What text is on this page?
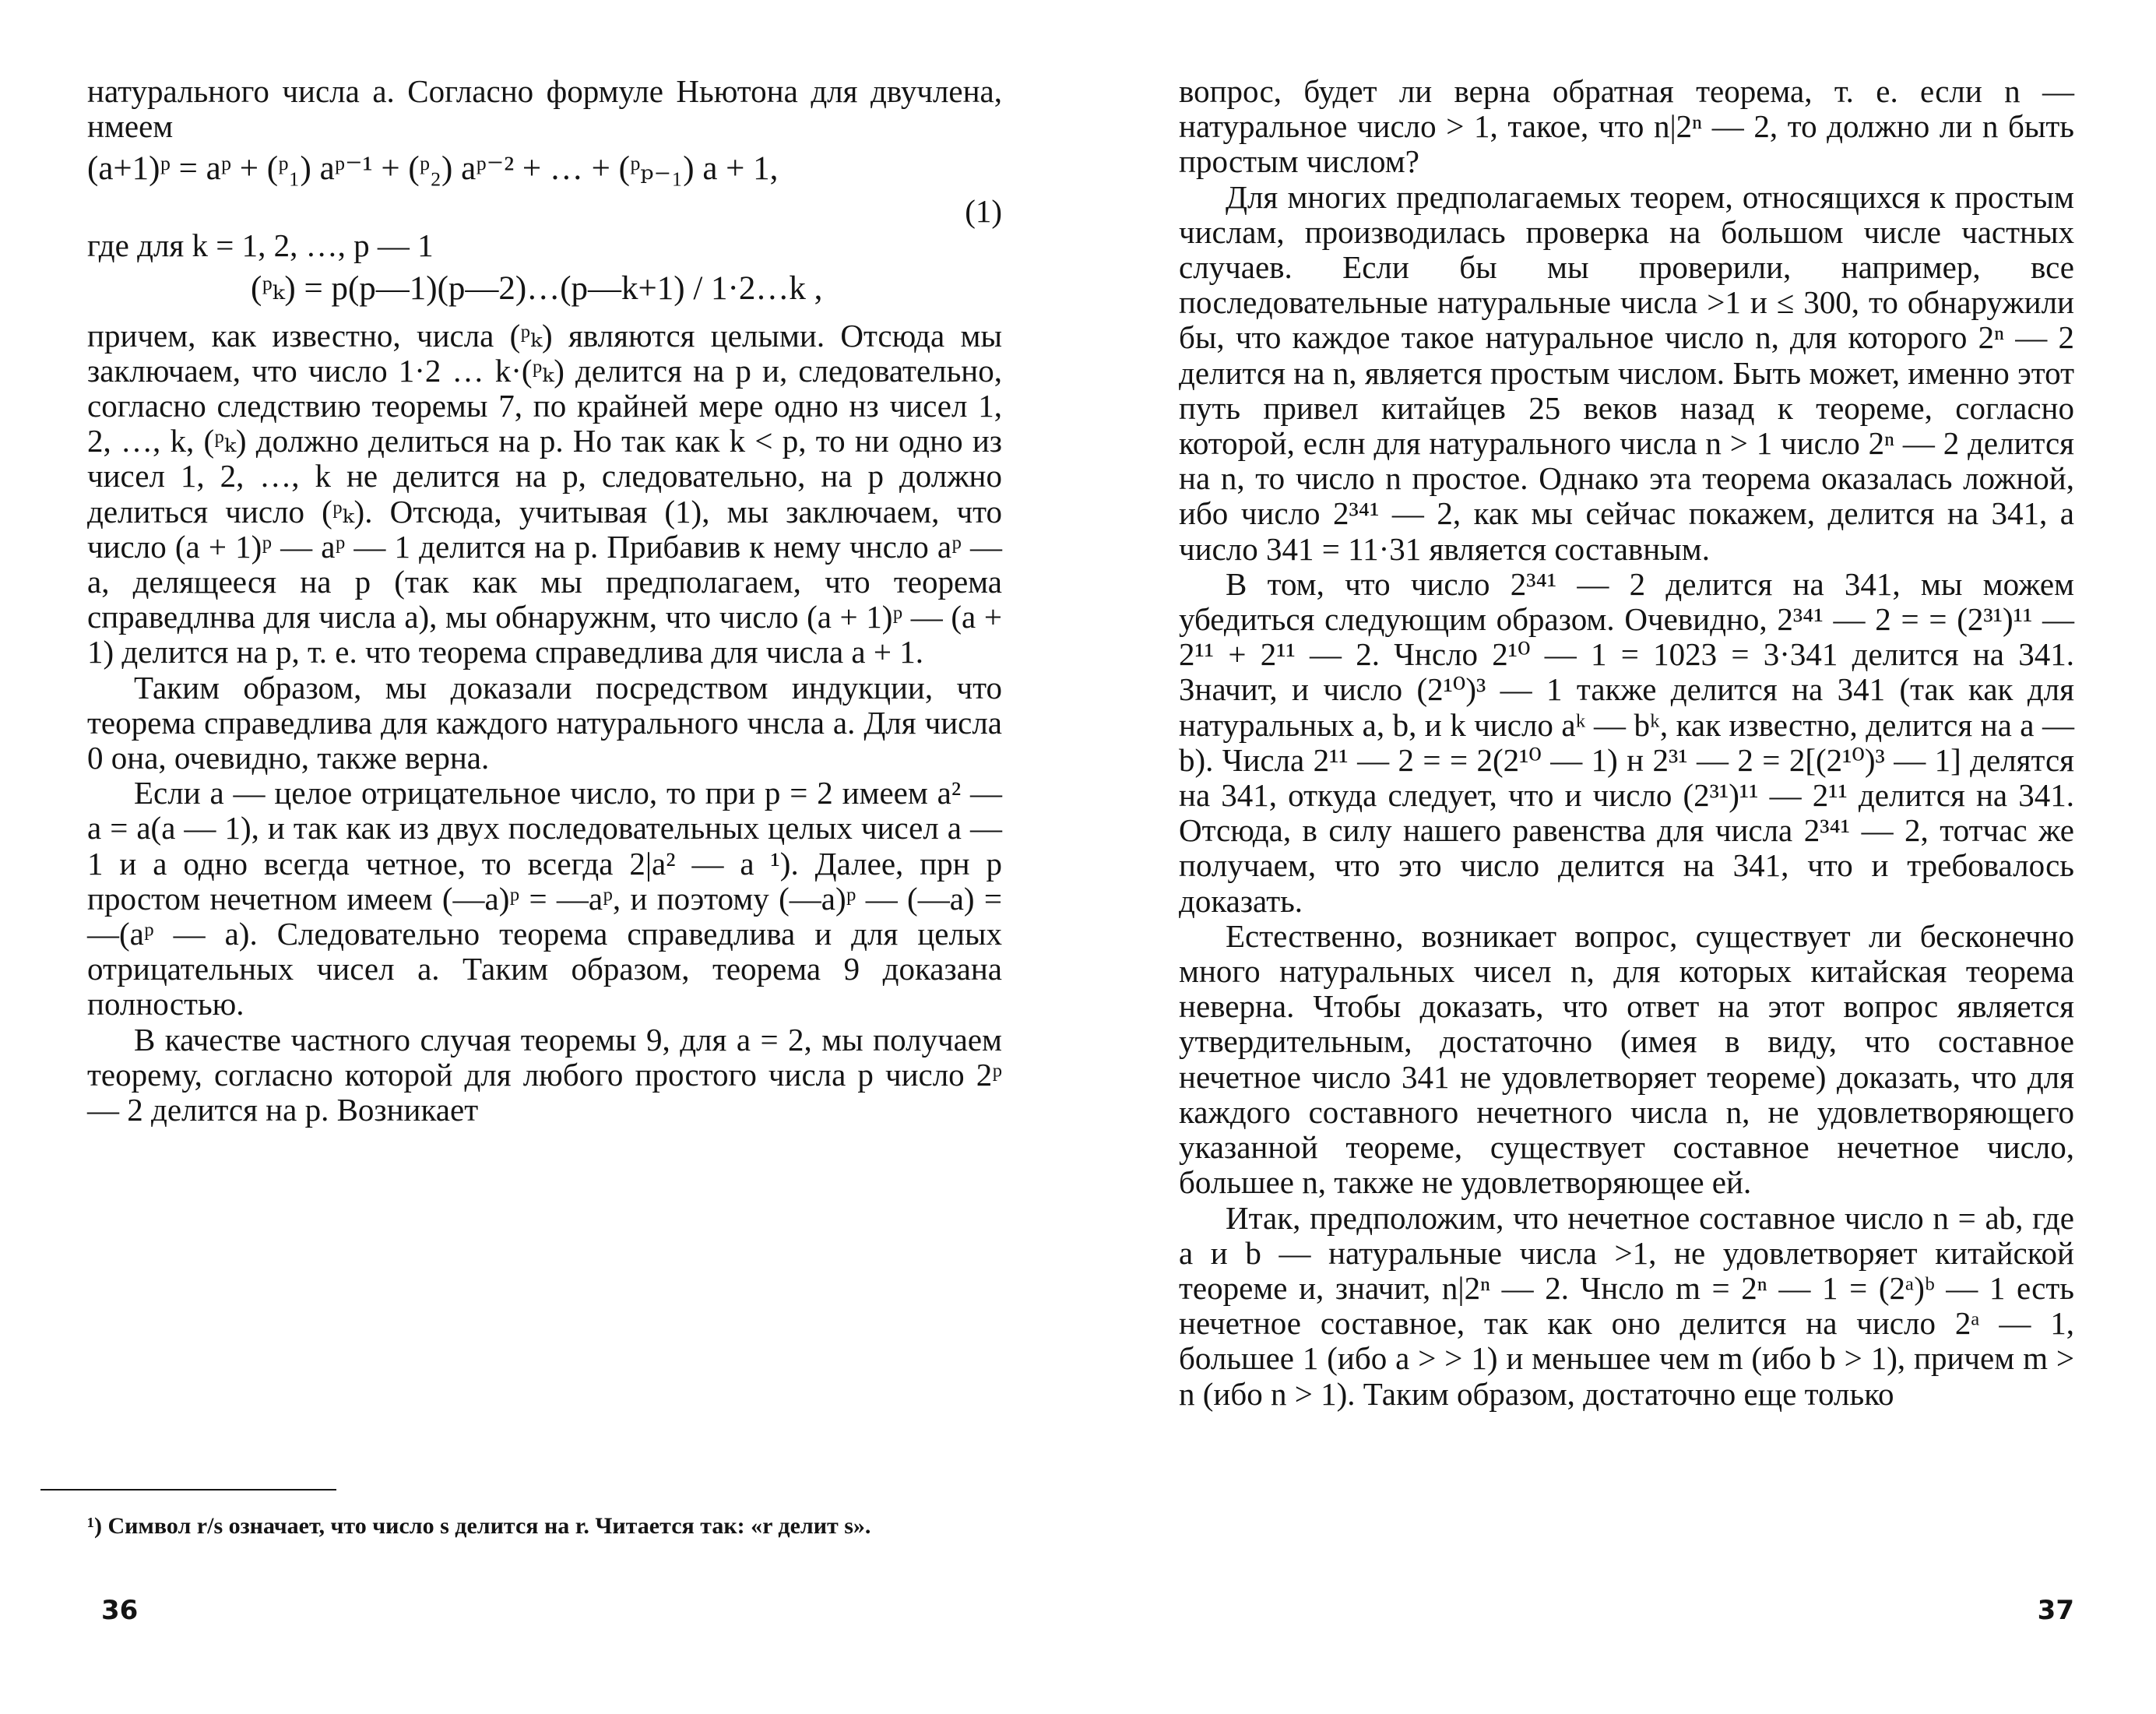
натурального числа a. Согласно формуле Ньютона для двучлена, нмеем

(a+1)ᵖ = aᵖ + (ᵖ₁) aᵖ⁻¹ + (ᵖ₂) aᵖ⁻² + … + (ᵖₚ₋₁) a + 1,

(1)

где для k = 1, 2, …, p — 1

(ᵖₖ) = p(p—1)(p—2)…(p—k+1) / 1·2…k ,

причем, как известно, числа (ᵖₖ) являются целыми. Отсюда мы заключаем, что число 1·2 … k·(ᵖₖ) делится на p и, следовательно, согласно следствию теоремы 7, по крайней мере одно нз чисел 1, 2, …, k, (ᵖₖ) должно делиться на p. Но так как k < p, то ни одно из чисел 1, 2, …, k не делится на p, следовательно, на p должно делиться число (ᵖₖ). Отсюда, учитывая (1), мы заключаем, что число (a + 1)ᵖ — aᵖ — 1 делится на p. Прибавив к нему чнсло aᵖ — a, делящееся на p (так как мы предполагаем, что теорема справедлнва для числа a), мы обнаружнм, что число (a + 1)ᵖ — (a + 1) делится на p, т. е. что теорема справедлива для числа a + 1.

Таким образом, мы доказали посредством индукции, что теорема справедлива для каждого натурального чнсла a. Для числа 0 она, очевидно, также верна.

Если a — целое отрицательное число, то при p = 2 имеем a² — a = a(a — 1), и так как из двух последовательных целых чисел a — 1 и a одно всегда четное, то всегда 2|a² — a ¹). Далее, прн p простом нечетном имеем (—a)ᵖ = —aᵖ, и поэтому (—a)ᵖ — (—a) = —(aᵖ — a). Следовательно теорема справедлива и для целых отрицательных чисел a. Таким образом, теорема 9 доказана полностью.

В качестве частного случая теоремы 9, для a = 2, мы получаем теорему, согласно которой для любого простого числа p число 2ᵖ — 2 делится на p. Возникает

¹) Символ r/s означает, что число s делится на r. Читается так: «r делит s».
36

вопрос, будет ли верна обратная теорема, т. е. если n — натуральное число > 1, такое, что n|2ⁿ — 2, то должно ли n быть простым числом?

Для многих предполагаемых теорем, относящихся к простым числам, производилась проверка на большом числе частных случаев. Если бы мы проверили, например, все последовательные натуральные числа >1 и ≤ 300, то обнаружили бы, что каждое такое натуральное число n, для которого 2ⁿ — 2 делится на n, является простым числом. Быть может, именно этот путь привел китайцев 25 веков назад к теореме, согласно которой, еслн для натурального числа n > 1 число 2ⁿ — 2 делится на n, то число n простое. Однако эта теорема оказалась ложной, ибо число 2³⁴¹ — 2, как мы сейчас покажем, делится на 341, а число 341 = 11·31 является составным.

В том, что число 2³⁴¹ — 2 делится на 341, мы можем убедиться следующим образом. Очевидно, 2³⁴¹ — 2 = = (2³¹)¹¹ — 2¹¹ + 2¹¹ — 2. Чнсло 2¹⁰ — 1 = 1023 = 3·341 делится на 341. Значит, и число (2¹⁰)³ — 1 также делится на 341 (так как для натуральных a, b, и k число aᵏ — bᵏ, как известно, делится на a — b). Числа 2¹¹ — 2 = = 2(2¹⁰ — 1) н 2³¹ — 2 = 2[(2¹⁰)³ — 1] делятся на 341, откуда следует, что и число (2³¹)¹¹ — 2¹¹ делится на 341. Отсюда, в силу нашего равенства для числа 2³⁴¹ — 2, тотчас же получаем, что это число делится на 341, что и требовалось доказать.

Естественно, возникает вопрос, существует ли бесконечно много натуральных чисел n, для которых китайская теорема неверна. Чтобы доказать, что ответ на этот вопрос является утвердительным, достаточно (имея в виду, что составное нечетное число 341 не удовлетворяет теореме) доказать, что для каждого составного нечетного числа n, не удовлетворяющего указанной теореме, существует составное нечетное число, большее n, также не удовлетворяющее ей.

Итак, предположим, что нечетное составное число n = ab, где a и b — натуральные числа >1, не удовлетворяет китайской теореме и, значит, n|2ⁿ — 2. Чнсло m = 2ⁿ — 1 = (2ᵃ)ᵇ — 1 есть нечетное составное, так как оно делится на число 2ᵃ — 1, большее 1 (ибо a > > 1) и меньшее чем m (ибо b > 1), причем m > n (ибо n > 1). Таким образом, достаточно еще только

37
